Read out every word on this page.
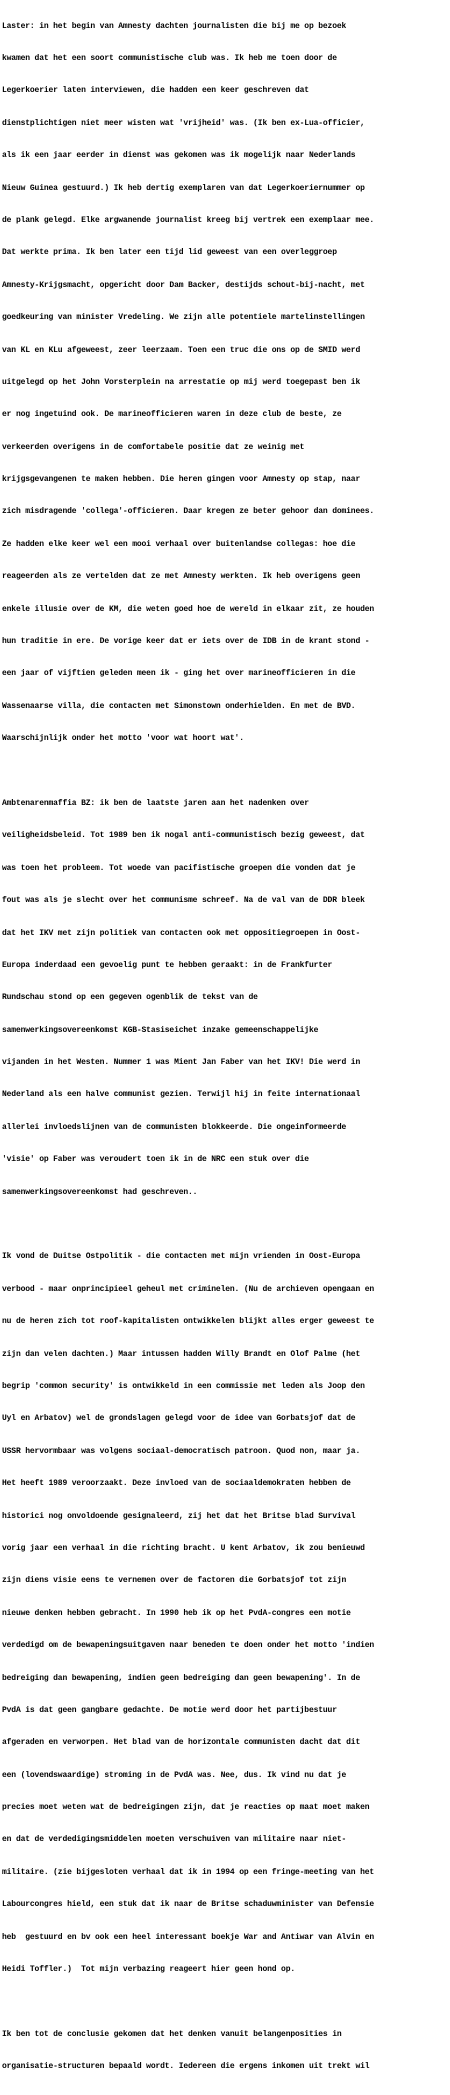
Laster: in het begin van Amnesty dachten journalisten die bij me op bezoek

kwamen dat het een soort communistische club was. Ik heb me toen door de

Legerkoerier laten interviewen, die hadden een keer geschreven dat

dienstplichtigen niet meer wisten wat 'vrijheid' was. (Ik ben ex-Lua-officier,

als ik een jaar eerder in dienst was gekomen was ik mogelijk naar Nederlands

Nieuw Guinea gestuurd.) Ik heb dertig exemplaren van dat Legerkoeriernummer op

de plank gelegd. Elke argwanende journalist kreeg bij vertrek een exemplaar mee.

Dat werkte prima. Ik ben later een tijd lid geweest van een overleggroep

Amnesty-Krijgsmacht, opgericht door Dam Backer, destijds schout-bij-nacht, met

goedkeuring van minister Vredeling. We zijn alle potentiele martelinstellingen

van KL en KLu afgeweest, zeer leerzaam. Toen een truc die ons op de SMID werd

uitgelegd op het John Vorsterplein na arrestatie op mij werd toegepast ben ik

er nog ingetuind ook. De marineofficieren waren in deze club de beste, ze

verkeerden overigens in de comfortabele positie dat ze weinig met

krijgsgevangenen te maken hebben. Die heren gingen voor Amnesty op stap, naar

zich misdragende 'collega'-officieren. Daar kregen ze beter gehoor dan dominees.

Ze hadden elke keer wel een mooi verhaal over buitenlandse collegas: hoe die

reageerden als ze vertelden dat ze met Amnesty werkten. Ik heb overigens geen

enkele illusie over de KM, die weten goed hoe de wereld in elkaar zit, ze houden

hun traditie in ere. De vorige keer dat er iets over de IDB in de krant stond -

een jaar of vijftien geleden meen ik - ging het over marineofficieren in die

Wassenaarse villa, die contacten met Simonstown onderhielden. En met de BVD.

Waarschijnlijk onder het motto 'voor wat hoort wat'.

Ambtenarenmaffia BZ: ik ben de laatste jaren aan het nadenken over

veiligheidsbeleid. Tot 1989 ben ik nogal anti-communistisch bezig geweest, dat

was toen het probleem. Tot woede van pacifistische groepen die vonden dat je

fout was als je slecht over het communisme schreef. Na de val van de DDR bleek

dat het IKV met zijn politiek van contacten ook met oppositiegroepen in Oost-

Europa inderdaad een gevoelig punt te hebben geraakt: in de Frankfurter

Rundschau stond op een gegeven ogenblik de tekst van de

samenwerkingsovereenkomst KGB-Stasiseichet inzake gemeenschappelijke

vijanden in het Westen. Nummer 1 was Mient Jan Faber van het IKV! Die werd in

Nederland als een halve communist gezien. Terwijl hij in feite internationaal

allerlei invloedslijnen van de communisten blokkeerde. Die ongeinformeerde

'visie' op Faber was veroudert toen ik in de NRC een stuk over die

samenwerkingsovereenkomst had geschreven..

Ik vond de Duitse Ostpolitik - die contacten met mijn vrienden in Oost-Europa

verbood - maar onprincipieel geheul met criminelen. (Nu de archieven opengaan en

nu de heren zich tot roof-kapitalisten ontwikkelen blijkt alles erger geweest te

zijn dan velen dachten.) Maar intussen hadden Willy Brandt en Olof Palme (het

begrip 'common security' is ontwikkeld in een commissie met leden als Joop den

Uyl en Arbatov) wel de grondslagen gelegd voor de idee van Gorbatsjof dat de

USSR hervormbaar was volgens sociaal-democratisch patroon. Quod non, maar ja.

Het heeft 1989 veroorzaakt. Deze invloed van de sociaaldemokraten hebben de

historici nog onvoldoende gesignaleerd, zij het dat het Britse blad Survival

vorig jaar een verhaal in die richting bracht. U kent Arbatov, ik zou benieuwd

zijn diens visie eens te vernemen over de factoren die Gorbatsjof tot zijn

nieuwe denken hebben gebracht. In 1990 heb ik op het PvdA-congres een motie

verdedigd om de bewapeningsuitgaven naar beneden te doen onder het motto 'indien

bedreiging dan bewapening, indien geen bedreiging dan geen bewapening'. In de

PvdA is dat geen gangbare gedachte. De motie werd door het partijbestuur

afgeraden en verworpen. Het blad van de horizontale communisten dacht dat dit

een (lovendswaardige) stroming in de PvdA was. Nee, dus. Ik vind nu dat je

precies moet weten wat de bedreigingen zijn, dat je reacties op maat moet maken

en dat de verdedigingsmiddelen moeten verschuiven van militaire naar niet-

militaire. (zie bijgesloten verhaal dat ik in 1994 op een fringe-meeting van het

Labourcongres hield, een stuk dat ik naar de Britse schaduwminister van Defensie

heb  gestuurd en bv ook een heel interessant boekje War and Antiwar van Alvin en

Heidi Toffler.)  Tot mijn verbazing reageert hier geen hond op.

Ik ben tot de conclusie gekomen dat het denken vanuit belangenposities in

organisatie-structuren bepaald wordt. Iedereen die ergens inkomen uit trekt wil
